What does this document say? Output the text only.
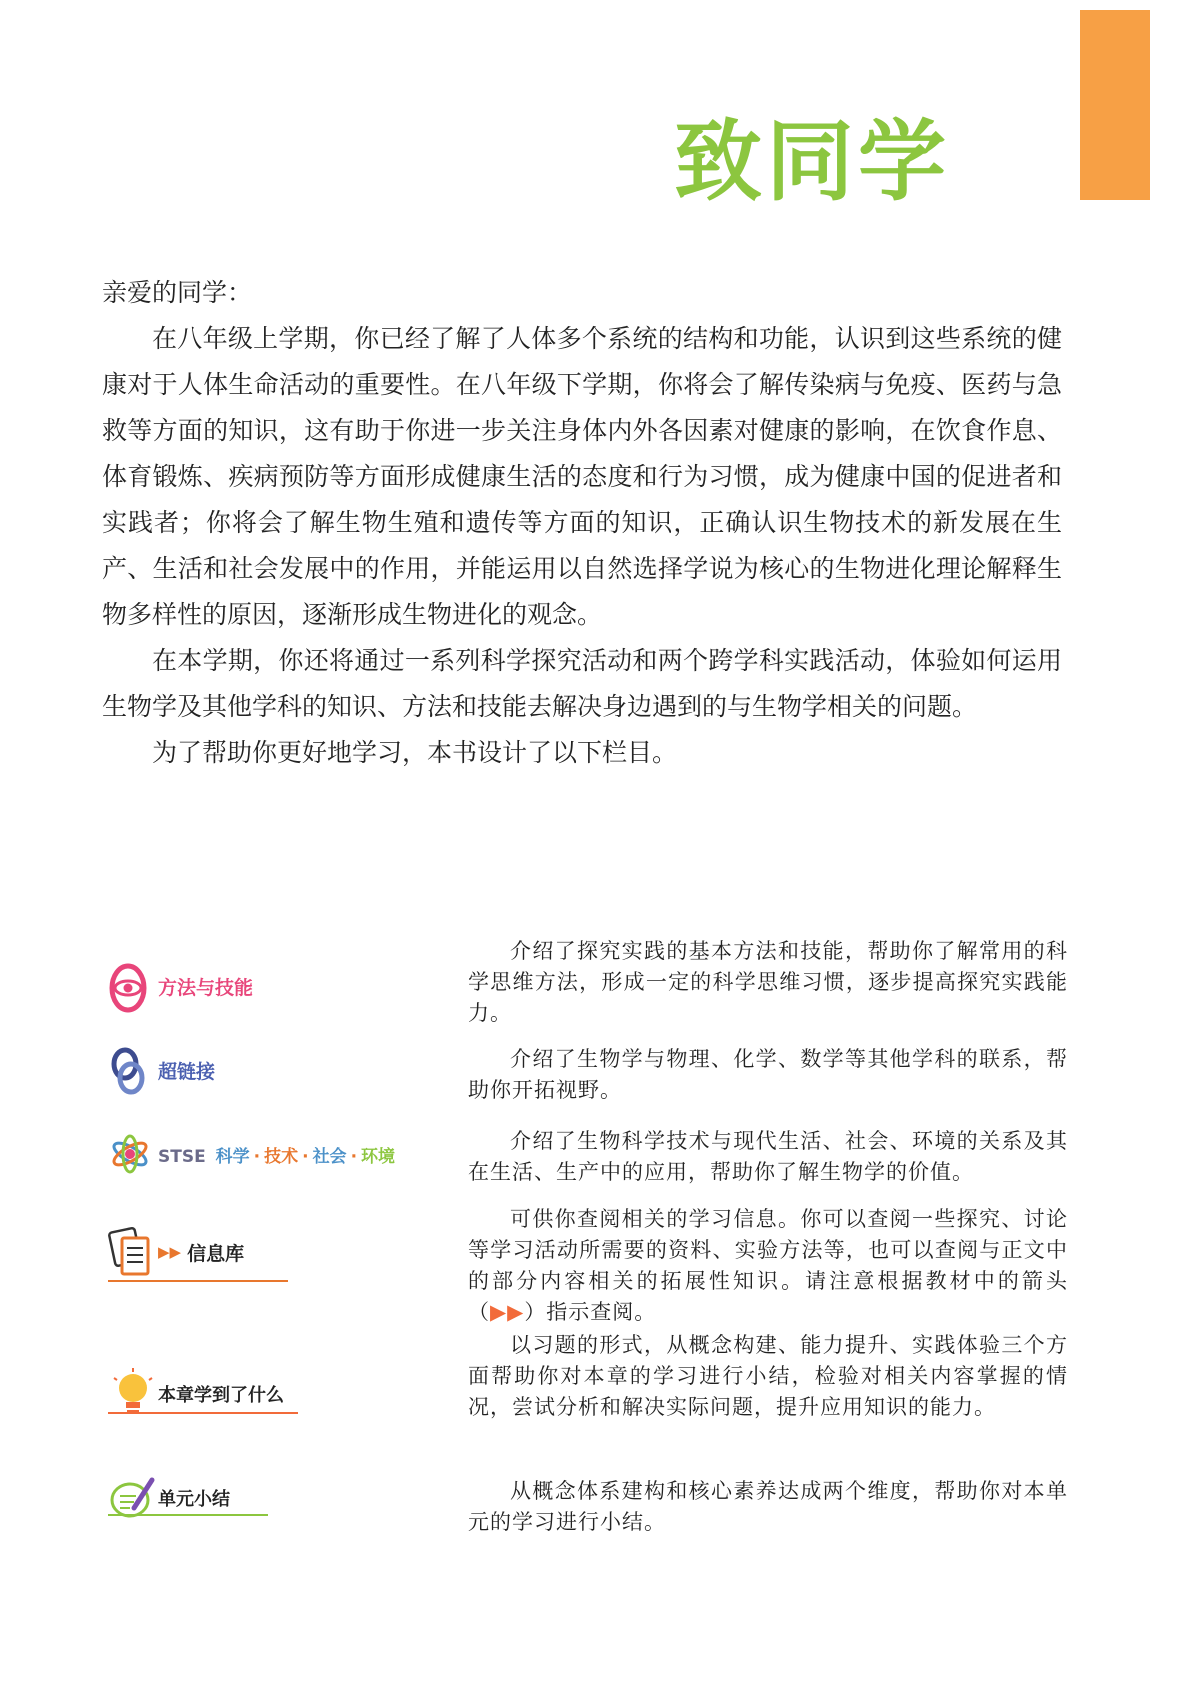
致同学

亲爱的同学：

在八年级上学期，你已经了解了人体多个系统的结构和功能，认识到这些系统的健康对于人体生命活动的重要性。在八年级下学期，你将会了解传染病与免疫、医药与急救等方面的知识，这有助于你进一步关注身体内外各因素对健康的影响，在饮食作息、体育锻炼、疾病预防等方面形成健康生活的态度和行为习惯，成为健康中国的促进者和实践者；你将会了解生物生殖和遗传等方面的知识，正确认识生物技术的新发展在生产、生活和社会发展中的作用，并能运用以自然选择学说为核心的生物进化理论解释生物多样性的原因，逐渐形成生物进化的观念。

在本学期，你还将通过一系列科学探究活动和两个跨学科实践活动，体验如何运用生物学及其他学科的知识、方法和技能去解决身边遇到的与生物学相关的问题。

为了帮助你更好地学习，本书设计了以下栏目。

方法与技能

介绍了探究实践的基本方法和技能，帮助你了解常用的科学思维方法，形成一定的科学思维习惯，逐步提高探究实践能力。

超链接

介绍了生物学与物理、化学、数学等其他学科的联系，帮助你开拓视野。

STSE 科学 · 技术 · 社会 · 环境

介绍了生物科学技术与现代生活、社会、环境的关系及其在生活、生产中的应用，帮助你了解生物学的价值。

▶▶ 信息库

可供你查阅相关的学习信息。你可以查阅一些探究、讨论等学习活动所需要的资料、实验方法等，也可以查阅与正文中的部分内容相关的拓展性知识。请注意根据教材中的箭头（▶▶）指示查阅。

本章学到了什么

以习题的形式，从概念构建、能力提升、实践体验三个方面帮助你对本章的学习进行小结，检验对相关内容掌握的情况，尝试分析和解决实际问题，提升应用知识的能力。

单元小结	从概念体系建构和核心素养达成两个维度，帮助你对本单元的学习进行小结。
